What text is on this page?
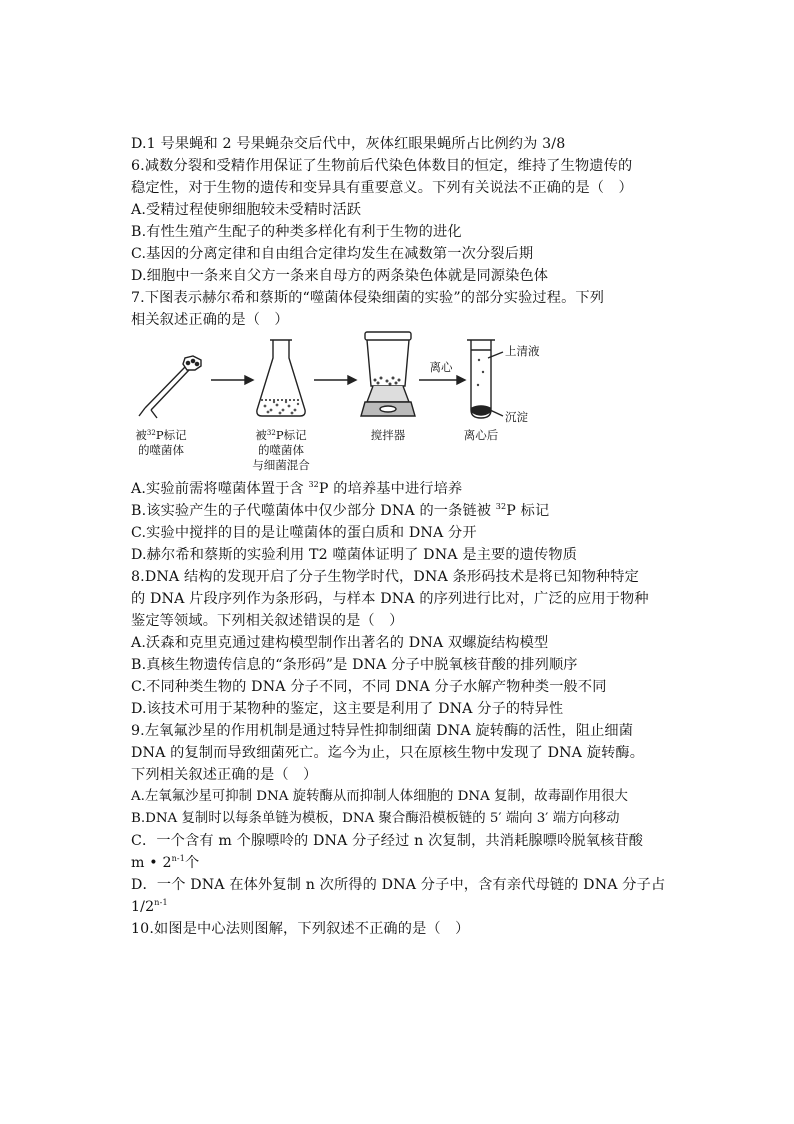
D.1 号果蝇和 2 号果蝇杂交后代中，灰体红眼果蝇所占比例约为 3/8
6.减数分裂和受精作用保证了生物前后代染色体数目的恒定，维持了生物遗传的
稳定性，对于生物的遗传和变异具有重要意义。下列有关说法不正确的是（　）
A.受精过程使卵细胞较未受精时活跃
B.有性生殖产生配子的种类多样化有利于生物的进化
C.基因的分离定律和自由组合定律均发生在减数第一次分裂后期
D.细胞中一条来自父方一条来自母方的两条染色体就是同源染色体
7.下图表示赫尔希和蔡斯的“噬菌体侵染细菌的实验”的部分实验过程。下列
相关叙述正确的是（　）
被$^{32}$P标记
的噬菌体
被$^{32}$P标记
的噬菌体
与细菌混合
搅拌器
离心
离心后
上清液
沉淀
A.实验前需将噬菌体置于含 $^{32}$P 的培养基中进行培养
B.该实验产生的子代噬菌体中仅少部分 DNA 的一条链被 $^{32}$P 标记
C.实验中搅拌的目的是让噬菌体的蛋白质和 DNA 分开
D.赫尔希和蔡斯的实验利用 T2 噬菌体证明了 DNA 是主要的遗传物质
8.DNA 结构的发现开启了分子生物学时代，DNA 条形码技术是将已知物种特定
的 DNA 片段序列作为条形码，与样本 DNA 的序列进行比对，广泛的应用于物种
鉴定等领域。下列相关叙述错误的是（　）
A.沃森和克里克通过建构模型制作出著名的 DNA 双螺旋结构模型
B.真核生物遗传信息的“条形码”是 DNA 分子中脱氧核苷酸的排列顺序
C.不同种类生物的 DNA 分子不同，不同 DNA 分子水解产物种类一般不同
D.该技术可用于某物种的鉴定，这主要是利用了 DNA 分子的特异性
9.左氧氟沙星的作用机制是通过特异性抑制细菌 DNA 旋转酶的活性，阻止细菌
DNA 的复制而导致细菌死亡。迄今为止，只在原核生物中发现了 DNA 旋转酶。
下列相关叙述正确的是（　）
A.左氧氟沙星可抑制 DNA 旋转酶从而抑制人体细胞的 DNA 复制，故毒副作用很大
B.DNA 复制时以每条单链为模板，DNA 聚合酶沿模板链的 5′ 端向 3′ 端方向移动
C．一个含有 m 个腺嘌呤的 DNA 分子经过 n 次复制，共消耗腺嘌呤脱氧核苷酸
m • 2$^{n-1}$个
D．一个 DNA 在体外复制 n 次所得的 DNA 分子中，含有亲代母链的 DNA 分子占
1/2$^{n-1}$
10.如图是中心法则图解，下列叙述不正确的是（　）
